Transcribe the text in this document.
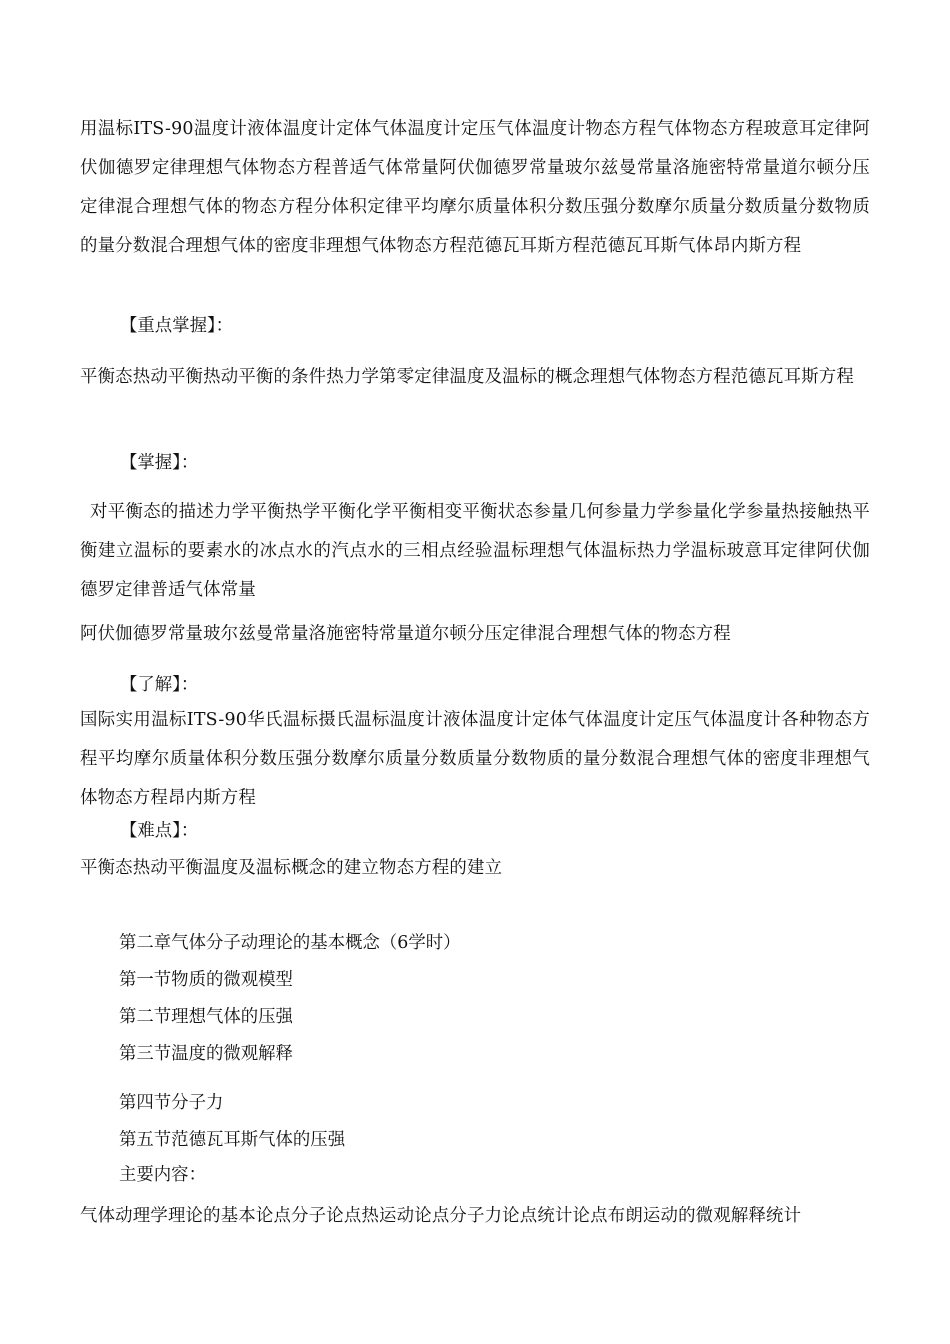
用温标ITS-90温度计液体温度计定体气体温度计定压气体温度计物态方程气体物态方程玻意耳定律阿伏伽德罗定律理想气体物态方程普适气体常量阿伏伽德罗常量玻尔兹曼常量洛施密特常量道尔顿分压定律混合理想气体的物态方程分体积定律平均摩尔质量体积分数压强分数摩尔质量分数质量分数物质的量分数混合理想气体的密度非理想气体物态方程范德瓦耳斯方程范德瓦耳斯气体昂内斯方程

【重点掌握】：

平衡态热动平衡热动平衡的条件热力学第零定律温度及温标的概念理想气体物态方程范德瓦耳斯方程

【掌握】：

对平衡态的描述力学平衡热学平衡化学平衡相变平衡状态参量几何参量力学参量化学参量热接触热平衡建立温标的要素水的冰点水的汽点水的三相点经验温标理想气体温标热力学温标玻意耳定律阿伏伽德罗定律普适气体常量

阿伏伽德罗常量玻尔兹曼常量洛施密特常量道尔顿分压定律混合理想气体的物态方程

【了解】：

国际实用温标ITS-90华氏温标摄氏温标温度计液体温度计定体气体温度计定压气体温度计各种物态方程平均摩尔质量体积分数压强分数摩尔质量分数质量分数物质的量分数混合理想气体的密度非理想气体物态方程昂内斯方程

【难点】：

平衡态热动平衡温度及温标概念的建立物态方程的建立

第二章气体分子动理论的基本概念（6学时）

第一节物质的微观模型

第二节理想气体的压强

第三节温度的微观解释

第四节分子力

第五节范德瓦耳斯气体的压强

主要内容：

气体动理学理论的基本论点分子论点热运动论点分子力论点统计论点布朗运动的微观解释统计
